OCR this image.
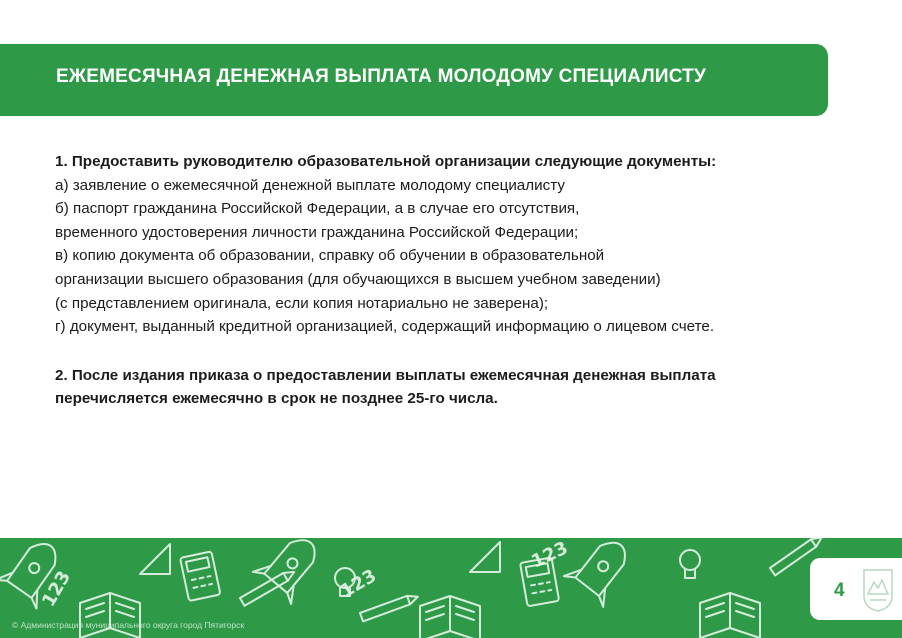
ЕЖЕМЕСЯЧНАЯ ДЕНЕЖНАЯ ВЫПЛАТА МОЛОДОМУ СПЕЦИАЛИСТУ

1. Предоставить руководителю образовательной организации следующие документы:

а) заявление о ежемесячной денежной выплате молодому специалисту

б) паспорт гражданина Российской Федерации, а в случае его отсутствия,

временного удостоверения личности гражданина Российской Федерации;

в) копию документа об образовании, справку об обучении в образовательной

организации высшего образования (для обучающихся в высшем учебном заведении)

(с представлением оригинала, если копия нотариально не заверена);

г) документ, выданный кредитной организацией, содержащий информацию о лицевом счете.

2. После издания приказа о предоставлении выплаты ежемесячная денежная выплата

перечисляется ежемесячно в срок не позднее 25-го числа.

123	123
123
4
© Администрация муниципального округа город Пятигорск
